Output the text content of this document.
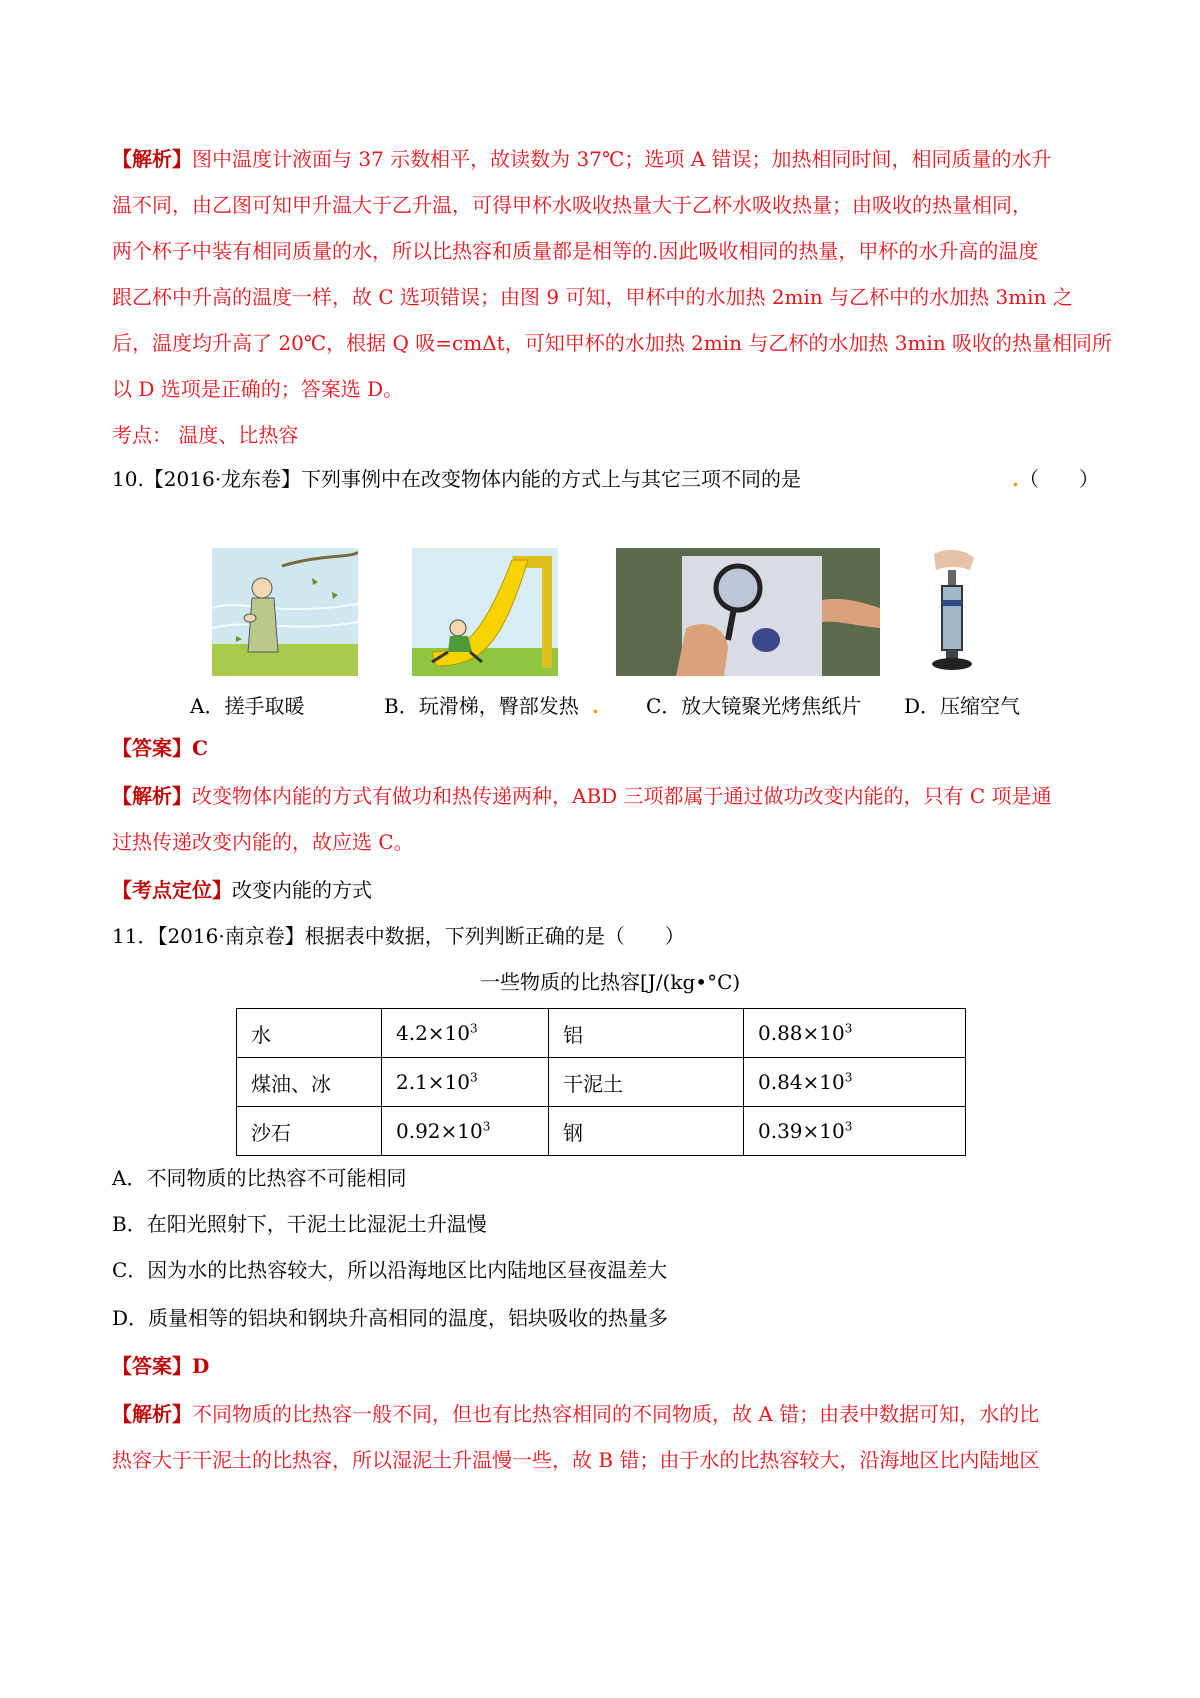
【解析】图中温度计液面与 37 示数相平，故读数为 37℃；选项 A 错误；加热相同时间，相同质量的水升
温不同，由乙图可知甲升温大于乙升温，可得甲杯水吸收热量大于乙杯水吸收热量；由吸收的热量相同，
两个杯子中装有相同质量的水，所以比热容和质量都是相等的.因此吸收相同的热量，甲杯的水升高的温度
跟乙杯中升高的温度一样，故 C 选项错误；由图 9 可知，甲杯中的水加热 2min 与乙杯中的水加热 3min 之
后，温度均升高了 20℃，根据 Q 吸=cmΔt，可知甲杯的水加热 2min 与乙杯的水加热 3min 吸收的热量相同所
以 D 选项是正确的；答案选 D。
考点： 温度、比热容
10.【2016·龙东卷】下列事例中在改变物体内能的方式上与其它三项不同的是	.（　　）
A．搓手取暖	B．玩滑梯，臀部发热 . C．放大镜聚光烤焦纸片 D．压缩空气
【答案】C
【解析】改变物体内能的方式有做功和热传递两种，ABD 三项都属于通过做功改变内能的，只有 C 项是通
过热传递改变内能的，故应选 C。
【考点定位】改变内能的方式
11．【2016·南京卷】根据表中数据，下列判断正确的是（　　）
一些物质的比热容[J/(kg•°C)
水	$4.2\times 10^3$	铝	$0.88\times 10^3$
煤油、冰	$2.1\times 10^3$	干泥土	$0.84\times 10^3$
沙石	$0.92\times 10^3$	钢	$0.39\times 10^3$
A．不同物质的比热容不可能相同
B．在阳光照射下，干泥土比湿泥土升温慢
C．因为水的比热容较大，所以沿海地区比内陆地区昼夜温差大
D．质量相等的铝块和钢块升高相同的温度，铝块吸收的热量多
【答案】D
【解析】不同物质的比热容一般不同，但也有比热容相同的不同物质，故 A 错；由表中数据可知，水的比
热容大于干泥土的比热容，所以湿泥土升温慢一些，故 B 错；由于水的比热容较大，沿海地区比内陆地区
